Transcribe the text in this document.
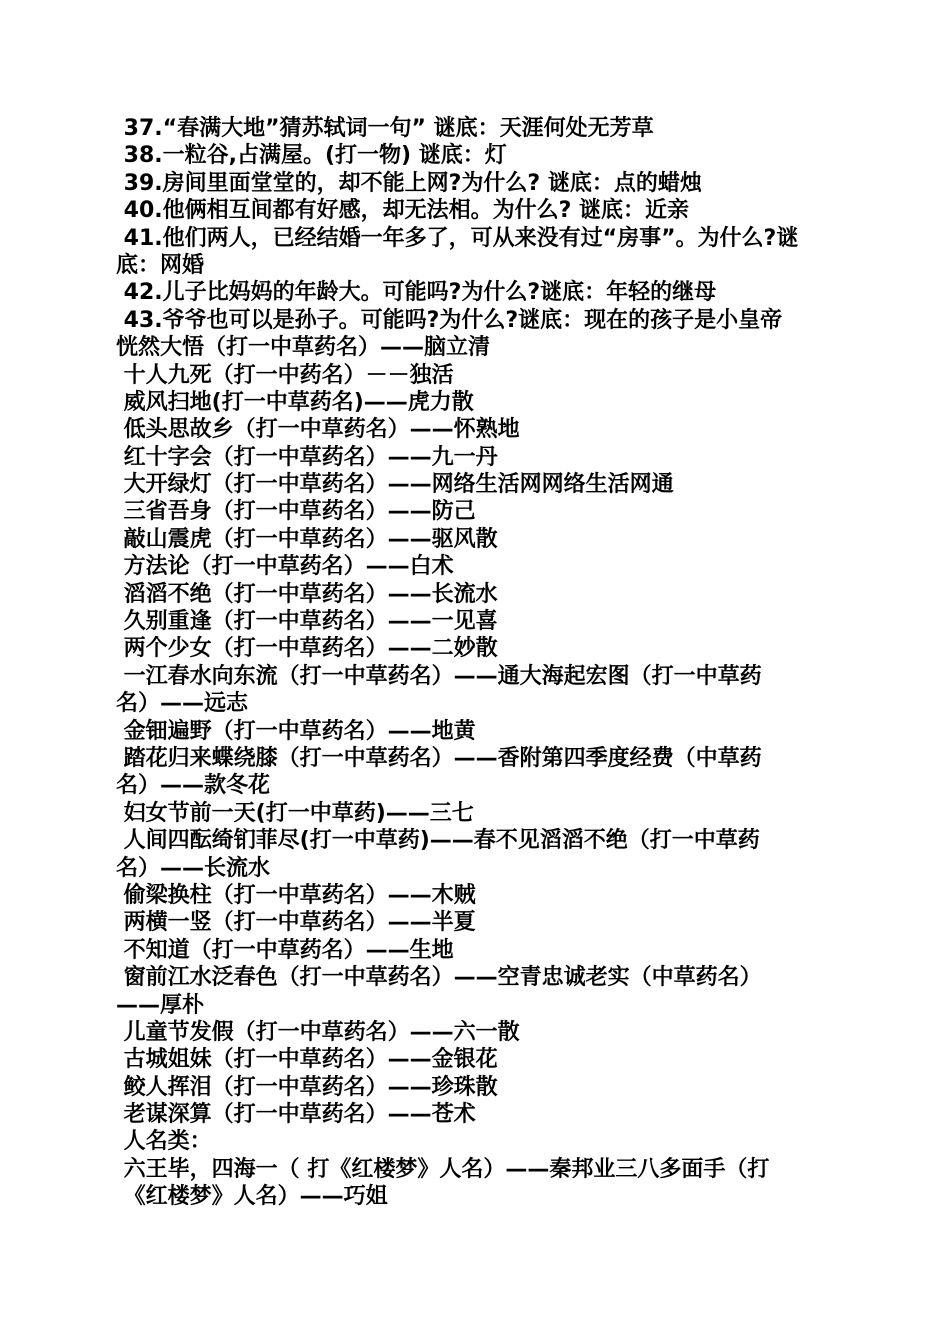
37.“春满大地”猜苏轼词一句” 谜底：天涯何处无芳草
38.一粒谷,占满屋。(打一物) 谜底：灯
39.房间里面堂堂的，却不能上网?为什么? 谜底：点的蜡烛
40.他俩相互间都有好感，却无法相。为什么? 谜底：近亲
41.他们两人，已经结婚一年多了，可从来没有过“房事”。为什么?谜
底：网婚
42.儿子比妈妈的年龄大。可能吗?为什么?谜底：年轻的继母
43.爷爷也可以是孙子。可能吗?为什么?谜底：现在的孩子是小皇帝
恍然大悟（打一中草药名）——脑立清
十人九死（打一中药名）－－独活
威风扫地(打一中草药名)——虎力散
低头思故乡（打一中草药名）——怀熟地
红十字会（打一中草药名）——九一丹
大开绿灯（打一中草药名）——网络生活网网络生活网通
三省吾身（打一中草药名）——防己
敲山震虎（打一中草药名）——驱风散
方法论（打一中草药名）——白术
滔滔不绝（打一中草药名）——长流水
久别重逢（打一中草药名）——一见喜
两个少女（打一中草药名）——二妙散
一江春水向东流（打一中草药名）——通大海起宏图（打一中草药
名）——远志
金钿遍野（打一中草药名）——地黄
踏花归来蝶绕膝（打一中草药名）——香附第四季度经费（中草药
名）——款冬花
妇女节前一天(打一中草药)——三七
人间四酝绮钔菲尽(打一中草药)——春不见滔滔不绝（打一中草药
名）——长流水
偷梁换柱（打一中草药名）——木贼
两横一竖（打一中草药名）——半夏
不知道（打一中草药名）——生地
窗前江水泛春色（打一中草药名）——空青忠诚老实（中草药名）
——厚朴
儿童节发假（打一中草药名）——六一散
古城姐妹（打一中草药名）——金银花
鲛人挥泪（打一中草药名）——珍珠散
老谋深算（打一中草药名）——苍术
人名类：
六王毕，四海一（ 打《红楼梦》人名）——秦邦业三八多面手（打
《红楼梦》人名）——巧姐
